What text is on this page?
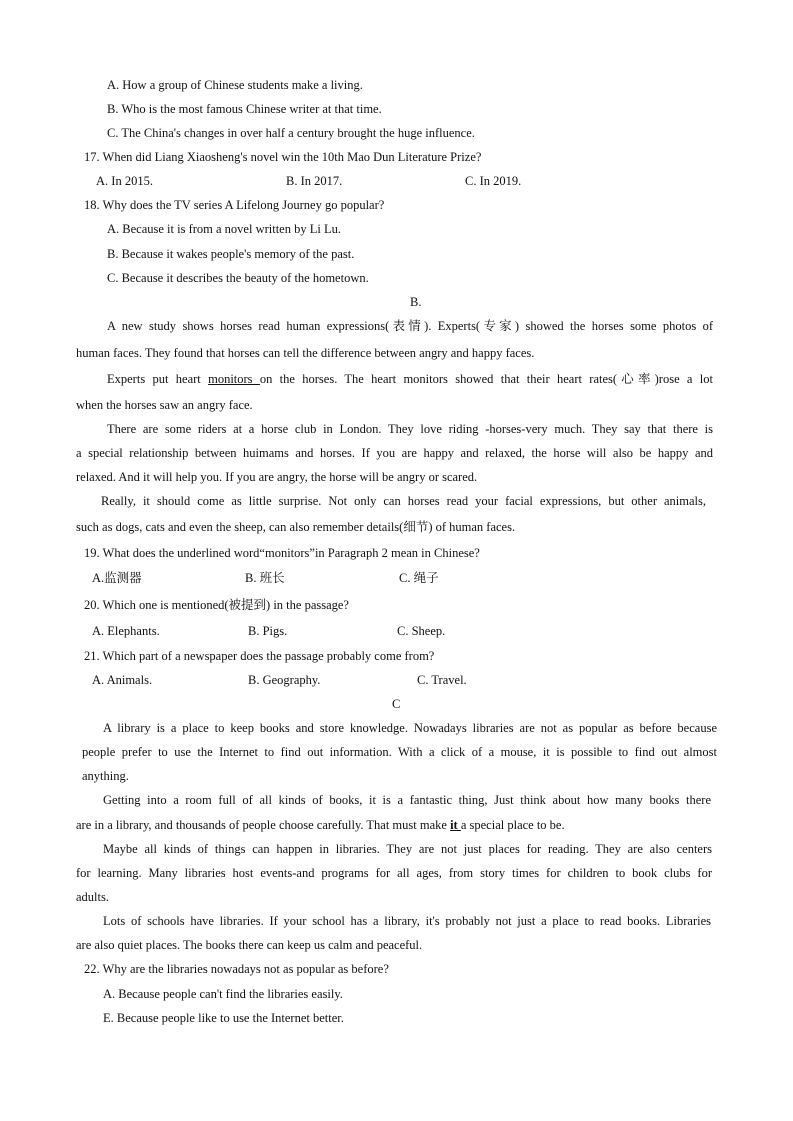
A. How a group of Chinese students make a living.
B. Who is the most famous Chinese writer at that time.
C. The China's changes in over half a century brought the huge influence.
17. When did Liang Xiaosheng's novel win the 10th Mao Dun Literature Prize?
A. In 2015.	B. In 2017.	C. In 2019.
18. Why does the TV series A Lifelong Journey go popular?
A. Because it is from a novel written by Li Lu.
B. Because it wakes people's memory of the past.
C. Because it describes the beauty of the hometown.
B.
A new study shows horses read human expressions(表情). Experts(专家) showed the horses some photos of
human faces. They found that horses can tell the difference between angry and happy faces.
Experts put heart monitors on the horses. The heart monitors showed that their heart rates(心率)rose a lot
when the horses saw an angry face.
There are some riders at a horse club in London. They love riding -horses-very much. They say that there is
a special relationship between huimams and horses. If you are happy and relaxed, the horse will also be happy and
relaxed. And it will help you. If you are angry, the horse will be angry or scared.
Really, it should come as little surprise. Not only can horses read your facial expressions, but other animals,
such as dogs, cats and even the sheep, can also remember details(细节) of human faces.
19. What does the underlined word“monitors”in Paragraph 2 mean in Chinese?
A.监测器	B. 班长	C. 绳子
20. Which one is mentioned(被提到) in the passage?
A. Elephants.	B. Pigs.	C. Sheep.
21. Which part of a newspaper does the passage probably come from?
A. Animals.	B. Geography.	C. Travel.
C
A library is a place to keep books and store knowledge. Nowadays libraries are not as popular as before because
people prefer to use the Internet to find out information. With a click of a mouse, it is possible to find out almost
anything.
Getting into a room full of all kinds of books, it is a fantastic thing, Just think about how many books there
are in a library, and thousands of people choose carefully. That must make it a special place to be.
Maybe all kinds of things can happen in libraries. They are not just places for reading. They are also centers
for learning. Many libraries host events-and programs for all ages, from story times for children to book clubs for
adults.
Lots of schools have libraries. If your school has a library, it's probably not just a place to read books. Libraries
are also quiet places. The books there can keep us calm and peaceful.
22. Why are the libraries nowadays not as popular as before?
A. Because people can't find the libraries easily.
E. Because people like to use the Internet better.
